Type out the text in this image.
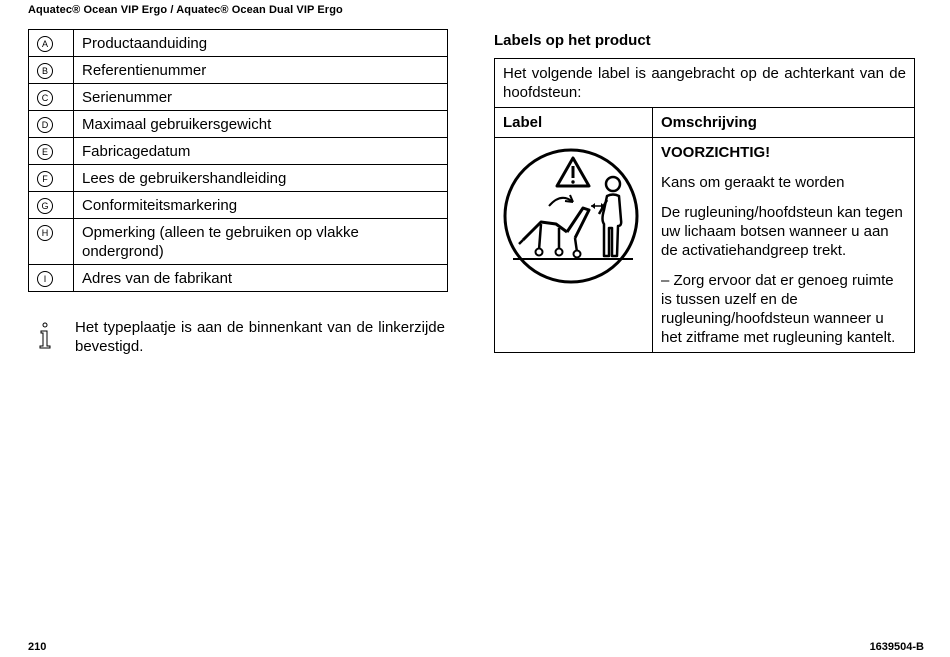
Aquatec® Ocean VIP Ergo / Aquatec® Ocean Dual VIP Ergo
A	Productaanduiding
B	Referentienummer
C	Serienummer
D	Maximaal gebruikersgewicht
E	Fabricagedatum
F	Lees de gebruikershandleiding
G	Conformiteitsmarkering
H	Opmerking (alleen te gebruiken op vlakke ondergrond)
I	Adres van de fabrikant
Het typeplaatje is aan de binnenkant van de linkerzijde bevestigd.
Labels op het product
Het volgende label is aangebracht op de achterkant van de hoofdsteun:	
Label	Omschrijving

VOORZICHTIG!

Kans om geraakt te worden

De rugleuning/hoofdsteun kan tegen uw lichaam botsen wanneer u aan de activatiehandgreep trekt.

– Zorg ervoor dat er genoeg ruimte is tussen uzelf en de rugleuning/hoofdsteun wanneer u het zitframe met rugleuning kantelt.

210	1639504-B
